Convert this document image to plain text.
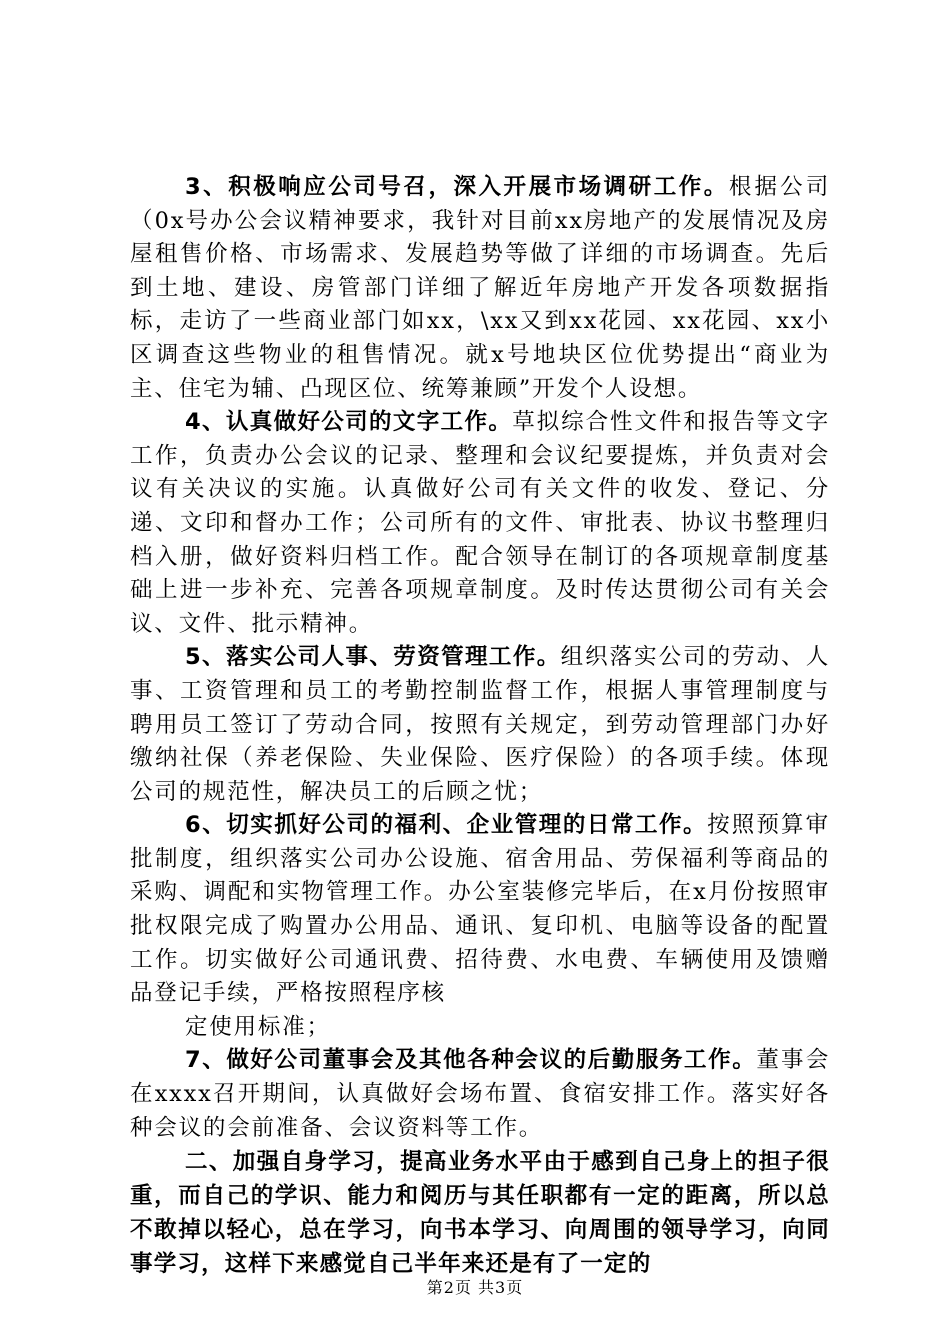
3、积极响应公司号召，深入开展市场调研工作。根据公司（0x号办公会议精神要求，我针对目前xx房地产的发展情况及房屋租售价格、市场需求、发展趋势等做了详细的市场调查。先后到土地、建设、房管部门详细了解近年房地产开发各项数据指标，走访了一些商业部门如xx，\xx又到xx花园、xx花园、xx小区调查这些物业的租售情况。就x号地块区位优势提出“商业为主、住宅为辅、凸现区位、统筹兼顾”开发个人设想。

4、认真做好公司的文字工作。草拟综合性文件和报告等文字工作，负责办公会议的记录、整理和会议纪要提炼，并负责对会议有关决议的实施。认真做好公司有关文件的收发、登记、分递、文印和督办工作；公司所有的文件、审批表、协议书整理归档入册，做好资料归档工作。配合领导在制订的各项规章制度基础上进一步补充、完善各项规章制度。及时传达贯彻公司有关会议、文件、批示精神。

5、落实公司人事、劳资管理工作。组织落实公司的劳动、人事、工资管理和员工的考勤控制监督工作，根据人事管理制度与聘用员工签订了劳动合同，按照有关规定，到劳动管理部门办好缴纳社保（养老保险、失业保险、医疗保险）的各项手续。体现公司的规范性，解决员工的后顾之忧；

6、切实抓好公司的福利、企业管理的日常工作。按照预算审批制度，组织落实公司办公设施、宿舍用品、劳保福利等商品的采购、调配和实物管理工作。办公室装修完毕后，在x月份按照审批权限完成了购置办公用品、通讯、复印机、电脑等设备的配置工作。切实做好公司通讯费、招待费、水电费、车辆使用及馈赠品登记手续，严格按照程序核

定使用标准；

7、做好公司董事会及其他各种会议的后勤服务工作。董事会在xxxx召开期间，认真做好会场布置、食宿安排工作。落实好各种会议的会前准备、会议资料等工作。

二、加强自身学习，提高业务水平由于感到自己身上的担子很重，而自己的学识、能力和阅历与其任职都有一定的距离，所以总不敢掉以轻心，总在学习，向书本学习、向周围的领导学习，向同事学习，这样下来感觉自己半年来还是有了一定的

第2页 共3页
